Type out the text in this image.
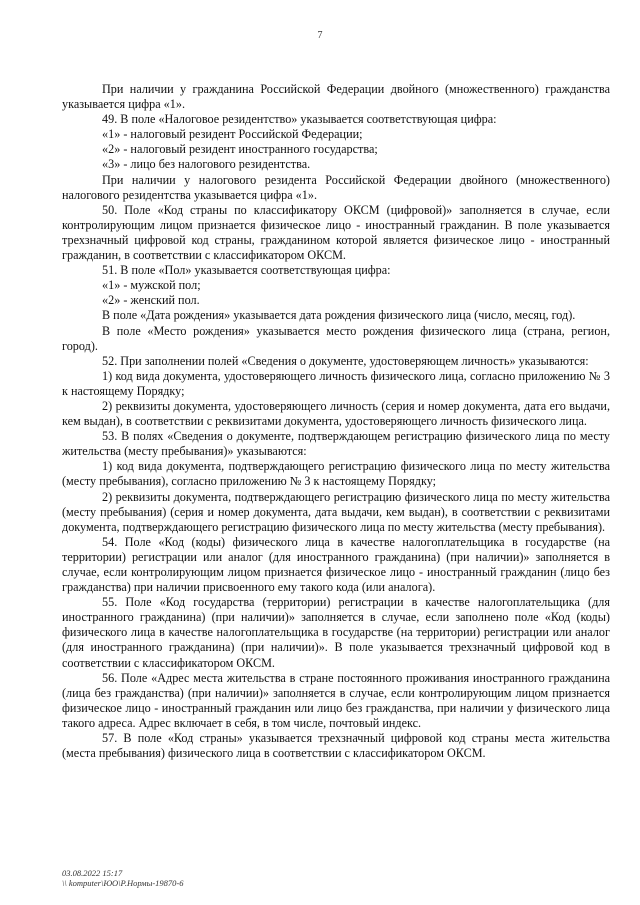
7

При наличии у гражданина Российской Федерации двойного (множественного) гражданства указывается цифра «1».

49. В поле «Налоговое резидентство» указывается соответствующая цифра:

«1» - налоговый резидент Российской Федерации;

«2» - налоговый резидент иностранного государства;

«3» - лицо без налогового резидентства.

При наличии у налогового резидента Российской Федерации двойного (множественного) налогового резидентства указывается цифра «1».

50. Поле «Код страны по классификатору ОКСМ (цифровой)» заполняется в случае, если контролирующим лицом признается физическое лицо - иностранный гражданин. В поле указывается трехзначный цифровой код страны, гражданином которой является физическое лицо - иностранный гражданин, в соответствии с классификатором ОКСМ.

51. В поле «Пол» указывается соответствующая цифра:

«1» - мужской пол;

«2» - женский пол.

В поле «Дата рождения» указывается дата рождения физического лица (число, месяц, год).

В поле «Место рождения» указывается место рождения физического лица (страна, регион, город).

52. При заполнении полей «Сведения о документе, удостоверяющем личность» указываются:

1) код вида документа, удостоверяющего личность физического лица, согласно приложению № 3 к настоящему Порядку;

2) реквизиты документа, удостоверяющего личность (серия и номер документа, дата его выдачи, кем выдан), в соответствии с реквизитами документа, удостоверяющего личность физического лица.

53. В полях «Сведения о документе, подтверждающем регистрацию физического лица по месту жительства (месту пребывания)» указываются:

1) код вида документа, подтверждающего регистрацию физического лица по месту жительства (месту пребывания), согласно приложению № 3 к настоящему Порядку;

2) реквизиты документа, подтверждающего регистрацию физического лица по месту жительства (месту пребывания) (серия и номер документа, дата выдачи, кем выдан), в соответствии с реквизитами документа, подтверждающего регистрацию физического лица по месту жительства (месту пребывания).

54. Поле «Код (коды) физического лица в качестве налогоплательщика в государстве (на территории) регистрации или аналог (для иностранного гражданина) (при наличии)» заполняется в случае, если контролирующим лицом признается физическое лицо - иностранный гражданин (лицо без гражданства) при наличии присвоенного ему такого кода (или аналога).

55. Поле «Код государства (территории) регистрации в качестве налогоплательщика (для иностранного гражданина) (при наличии)» заполняется в случае, если заполнено поле «Код (коды) физического лица в качестве налогоплательщика в государстве (на территории) регистрации или аналог (для иностранного гражданина) (при наличии)». В поле указывается трехзначный цифровой код в соответствии с классификатором ОКСМ.

56. Поле «Адрес места жительства в стране постоянного проживания иностранного гражданина (лица без гражданства) (при наличии)» заполняется в случае, если контролирующим лицом признается физическое лицо - иностранный гражданин или лицо без гражданства, при наличии у физического лица такого адреса. Адрес включает в себя, в том числе, почтовый индекс.

57. В поле «Код страны» указывается трехзначный цифровой код страны места жительства (места пребывания) физического лица в соответствии с классификатором ОКСМ.

03.08.2022 15:17
\\ komputer\ЮО\Р.Нормы-19870-6
